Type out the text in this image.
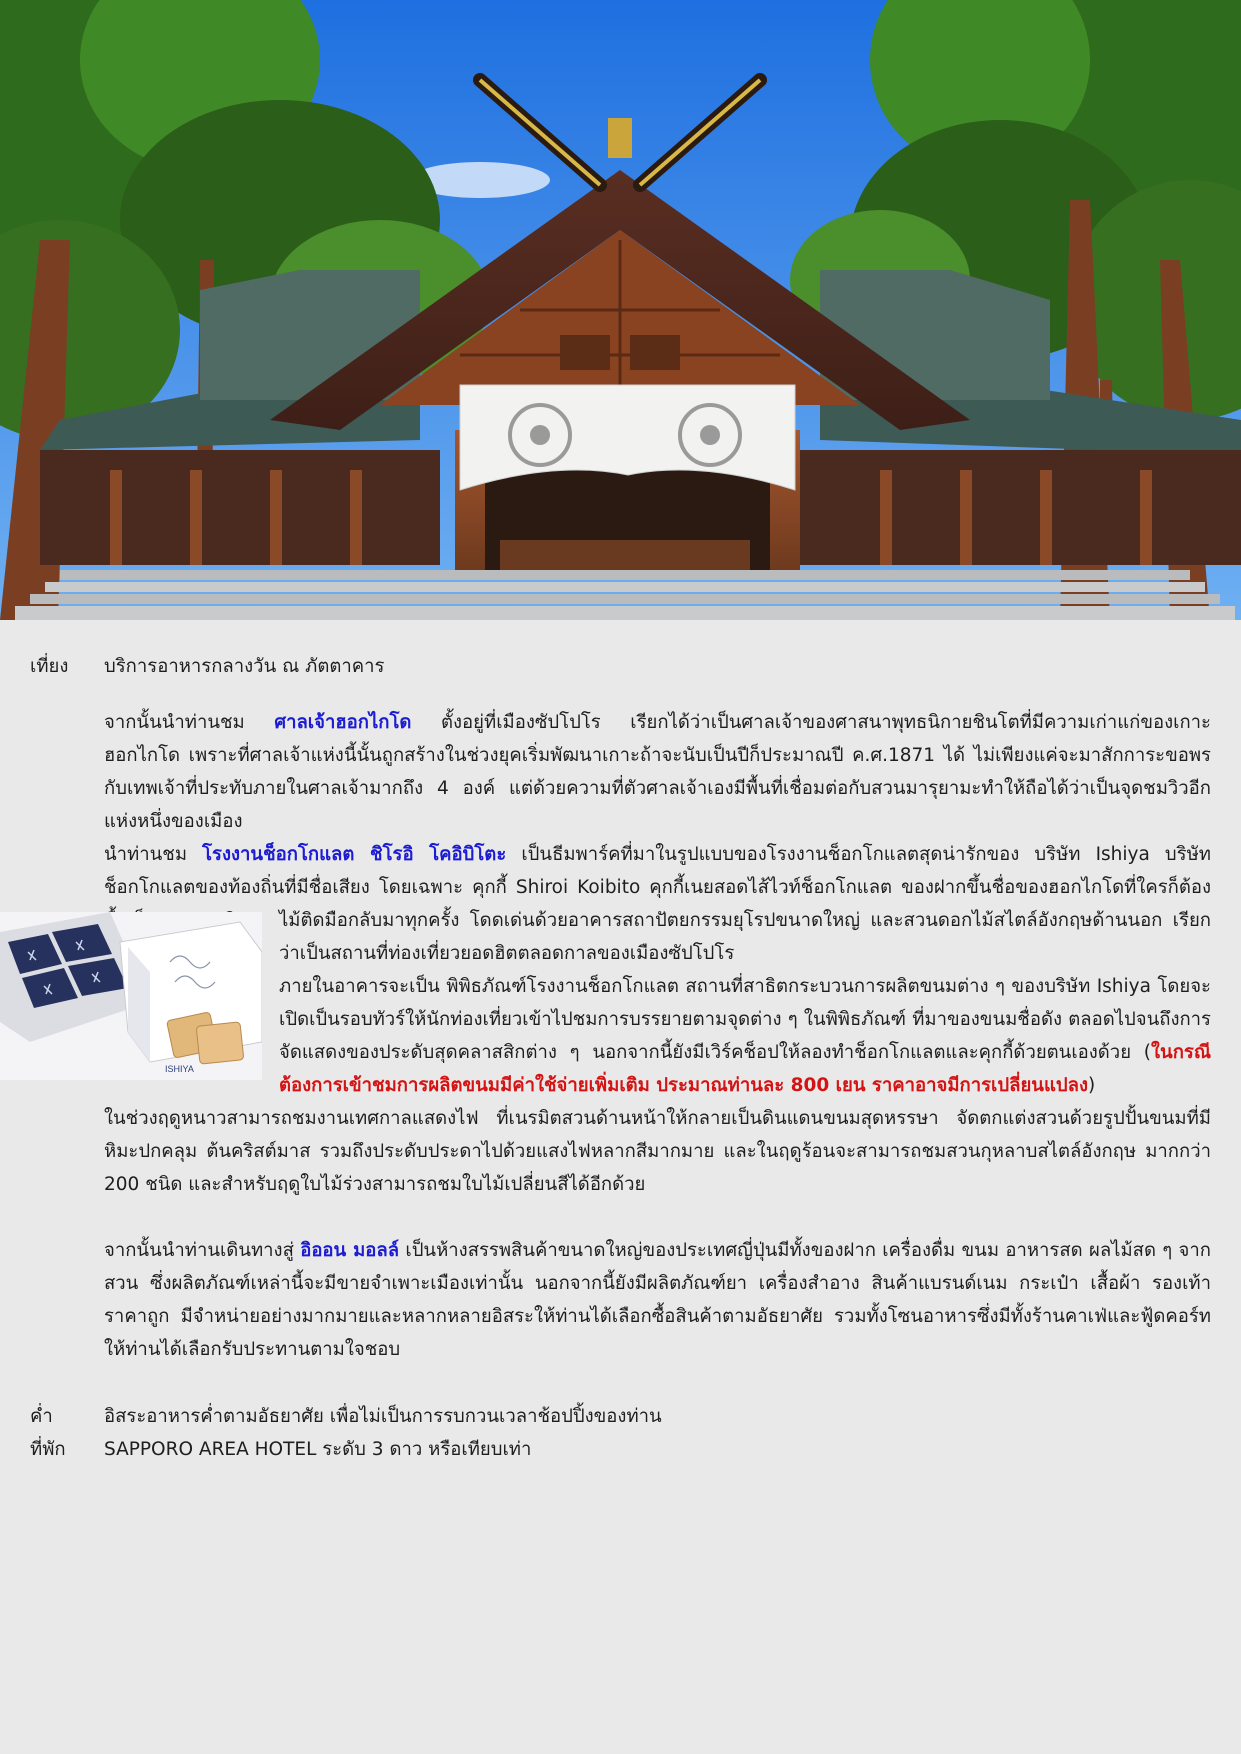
เที่ยง	บริการอาหารกลางวัน ณ ภัตตาคาร
จากนั้นนำท่านชม ศาลเจ้าฮอกไกโด ตั้งอยู่ที่เมืองซัปโปโร เรียกได้ว่าเป็นศาลเจ้าของศาสนาพุทธนิกายชินโตที่มีความเก่าแก่ของเกาะฮอกไกโด เพราะที่ศาลเจ้าแห่งนี้นั้นถูกสร้างในช่วงยุคเริ่มพัฒนาเกาะถ้าจะนับเป็นปีก็ประมาณปี ค.ศ.1871 ได้ ไม่เพียงแค่จะมาสักการะขอพรกับเทพเจ้าที่ประทับภายในศาลเจ้ามากถึง 4 องค์ แต่ด้วยความที่ตัวศาลเจ้าเองมีพื้นที่เชื่อมต่อกับสวนมารุยามะทำให้ถือได้ว่าเป็นจุดชมวิวอีกแห่งหนึ่งของเมือง
นำท่านชม โรงงานช็อกโกแลต ชิโรอิ โคอิบิโตะ เป็นธีมพาร์คที่มาในรูปแบบของโรงงานช็อกโกแลตสุดน่ารักของ บริษัท Ishiya บริษัทช็อกโกแลตของท้องถิ่นที่มีชื่อเสียง โดยเฉพาะ คุกกี้ Shiroi Koibito คุกกี้เนยสอดไส้ไวท์ช็อกโกแลต ของฝากขึ้นชื่อของฮอกไกโดที่ใครก็ต้อง
ไม้ติดมือกลับมาทุกครั้ง โดดเด่นด้วยอาคารสถาปัตยกรรมยุโรปขนาดใหญ่ และสวนดอกไม้สไตล์อังกฤษด้านนอก เรียกว่าเป็นสถานที่ท่องเที่ยวยอดฮิตตลอดกาลของเมืองซัปโปโร
ภายในอาคารจะเป็น พิพิธภัณฑ์โรงงานช็อกโกแลต สถานที่สาธิตกระบวนการผลิตขนมต่าง ๆ ของบริษัท Ishiya โดยจะเปิดเป็นรอบทัวร์ให้นักท่องเที่ยวเข้าไปชมการบรรยายตามจุดต่าง ๆ ในพิพิธภัณฑ์ ที่มาของขนมชื่อดัง ตลอดไปจนถึงการจัดแสดงของประดับสุดคลาสสิกต่าง ๆ นอกจากนี้ยังมีเวิร์คช็อปให้ลองทำช็อกโกแลตและคุกกี้ด้วยตนเองด้วย (ในกรณีต้องการเข้าชมการผลิตขนมมีค่าใช้จ่ายเพิ่มเติม ประมาณท่านละ 800 เยน ราคาอาจมีการเปลี่ยนแปลง)
ในช่วงฤดูหนาวสามารถชมงานเทศกาลแสดงไฟ ที่เนรมิตสวนด้านหน้าให้กลายเป็นดินแดนขนมสุดหรรษา จัดตกแต่งสวนด้วยรูปปั้นขนมที่มีหิมะปกคลุม ต้นคริสต์มาส รวมถึงประดับประดาไปด้วยแสงไฟหลากสีมากมาย และในฤดูร้อนจะสามารถชมสวนกุหลาบสไตล์อังกฤษ มากกว่า 200 ชนิด และสำหรับฤดูใบไม้ร่วงสามารถชมใบไม้เปลี่ยนสีได้อีกด้วย
จากนั้นนำท่านเดินทางสู่ อิออน มอลล์ เป็นห้างสรรพสินค้าขนาดใหญ่ของประเทศญี่ปุ่นมีทั้งของฝาก เครื่องดื่ม ขนม อาหารสด ผลไม้สด ๆ จากสวน ซึ่งผลิตภัณฑ์เหล่านี้จะมีขายจำเพาะเมืองเท่านั้น นอกจากนี้ยังมีผลิตภัณฑ์ยา เครื่องสำอาง สินค้าแบรนด์เนม กระเป๋า เสื้อผ้า รองเท้า ราคาถูก มีจำหน่ายอย่างมากมายและหลากหลายอิสระให้ท่านได้เลือกซื้อสินค้าตามอัธยาศัย รวมทั้งโซนอาหารซึ่งมีทั้งร้านคาเฟ่และฟู้ดคอร์ทให้ท่านได้เลือกรับประทานตามใจชอบ
ค่ำ	อิสระอาหารค่ำตามอัธยาศัย เพื่อไม่เป็นการรบกวนเวลาช้อปปิ้งของท่าน
ที่พัก	SAPPORO AREA HOTEL ระดับ 3 ดาว หรือเทียบเท่า
ISHIYA
